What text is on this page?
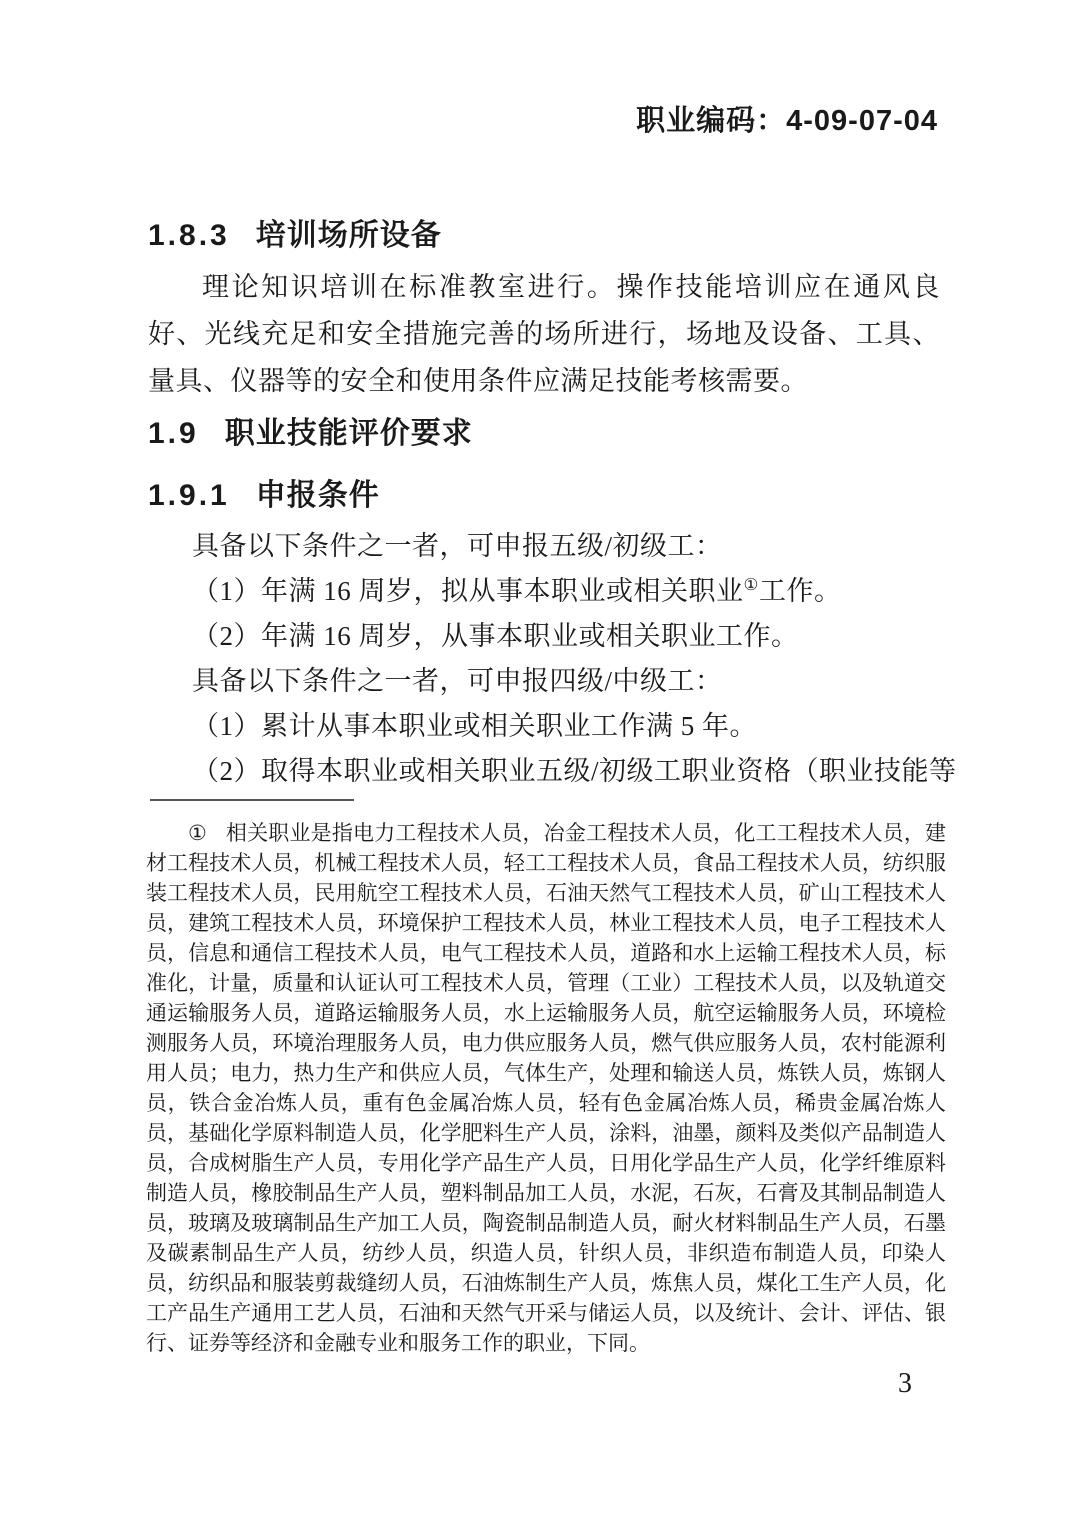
职业编码：4-09-07-04
1.8.3 培训场所设备
理论知识培训在标准教室进行。操作技能培训应在通风良好、光线充足和安全措施完善的场所进行，场地及设备、工具、量具、仪器等的安全和使用条件应满足技能考核需要。
1.9 职业技能评价要求
1.9.1 申报条件
具备以下条件之一者，可申报五级/初级工：
（1）年满 16 周岁，拟从事本职业或相关职业①工作。
（2）年满 16 周岁，从事本职业或相关职业工作。
具备以下条件之一者，可申报四级/中级工：
（1）累计从事本职业或相关职业工作满 5 年。
（2）取得本职业或相关职业五级/初级工职业资格（职业技能等
① 相关职业是指电力工程技术人员，冶金工程技术人员，化工工程技术人员，建材工程技术人员，机械工程技术人员，轻工工程技术人员，食品工程技术人员，纺织服装工程技术人员，民用航空工程技术人员，石油天然气工程技术人员，矿山工程技术人员，建筑工程技术人员，环境保护工程技术人员，林业工程技术人员，电子工程技术人员，信息和通信工程技术人员，电气工程技术人员，道路和水上运输工程技术人员，标准化，计量，质量和认证认可工程技术人员，管理（工业）工程技术人员，以及轨道交通运输服务人员，道路运输服务人员，水上运输服务人员，航空运输服务人员，环境检测服务人员，环境治理服务人员，电力供应服务人员，燃气供应服务人员，农村能源利用人员；电力，热力生产和供应人员，气体生产，处理和输送人员，炼铁人员，炼钢人员，铁合金冶炼人员，重有色金属冶炼人员，轻有色金属冶炼人员，稀贵金属冶炼人员，基础化学原料制造人员，化学肥料生产人员，涂料，油墨，颜料及类似产品制造人员，合成树脂生产人员，专用化学产品生产人员，日用化学品生产人员，化学纤维原料制造人员，橡胶制品生产人员，塑料制品加工人员，水泥，石灰，石膏及其制品制造人员，玻璃及玻璃制品生产加工人员，陶瓷制品制造人员，耐火材料制品生产人员，石墨及碳素制品生产人员，纺纱人员，织造人员，针织人员，非织造布制造人员，印染人员，纺织品和服装剪裁缝纫人员，石油炼制生产人员，炼焦人员，煤化工生产人员，化工产品生产通用工艺人员，石油和天然气开采与储运人员，以及统计、会计、评估、银行、证券等经济和金融专业和服务工作的职业，下同。
3
